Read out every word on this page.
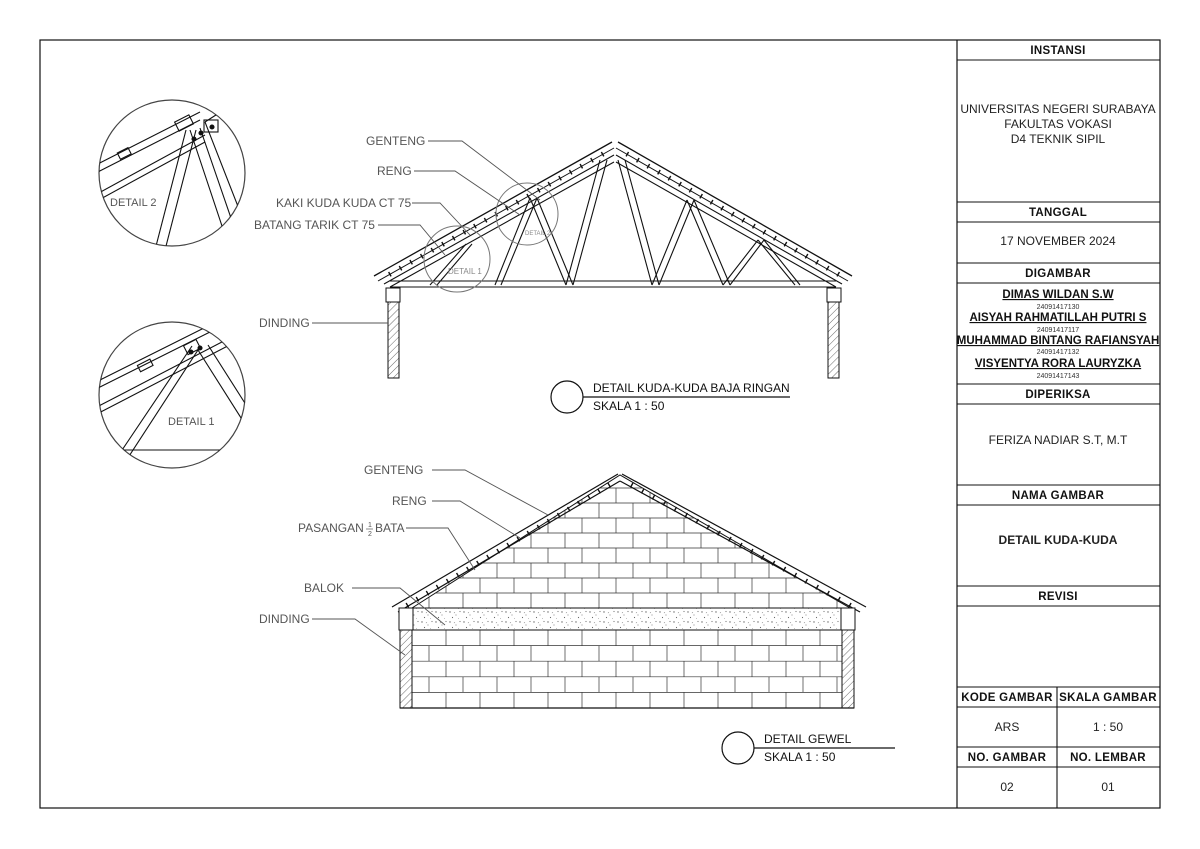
INSTANSI
UNIVERSITAS NEGERI SURABAYA
FAKULTAS VOKASI
D4 TEKNIK SIPIL
TANGGAL
17 NOVEMBER 2024
DIGAMBAR
DIMAS WILDAN S.W
24091417130
AISYAH RAHMATILLAH PUTRI S
24091417117
MUHAMMAD BINTANG RAFIANSYAH
24091417132
VISYENTYA RORA LAURYZKA
24091417143
DIPERIKSA
FERIZA NADIAR S.T, M.T
NAMA GAMBAR
DETAIL KUDA-KUDA
REVISI
KODE GAMBAR SKALA GAMBAR
ARS	1 : 50
NO. GAMBAR NO. LEMBAR
02	01
DETAIL 1
DETAIL 2
GENTENG
RENG
KAKI KUDA KUDA CT 75
BATANG TARIK CT 75
DINDING
DETAIL KUDA-KUDA BAJA RINGAN
SKALA 1 : 50
DETAIL 2
DETAIL 1
GENTENG
RENG
PASANGAN 1
2 BATA
BALOK
DINDING
DETAIL GEWEL
SKALA 1 : 50
